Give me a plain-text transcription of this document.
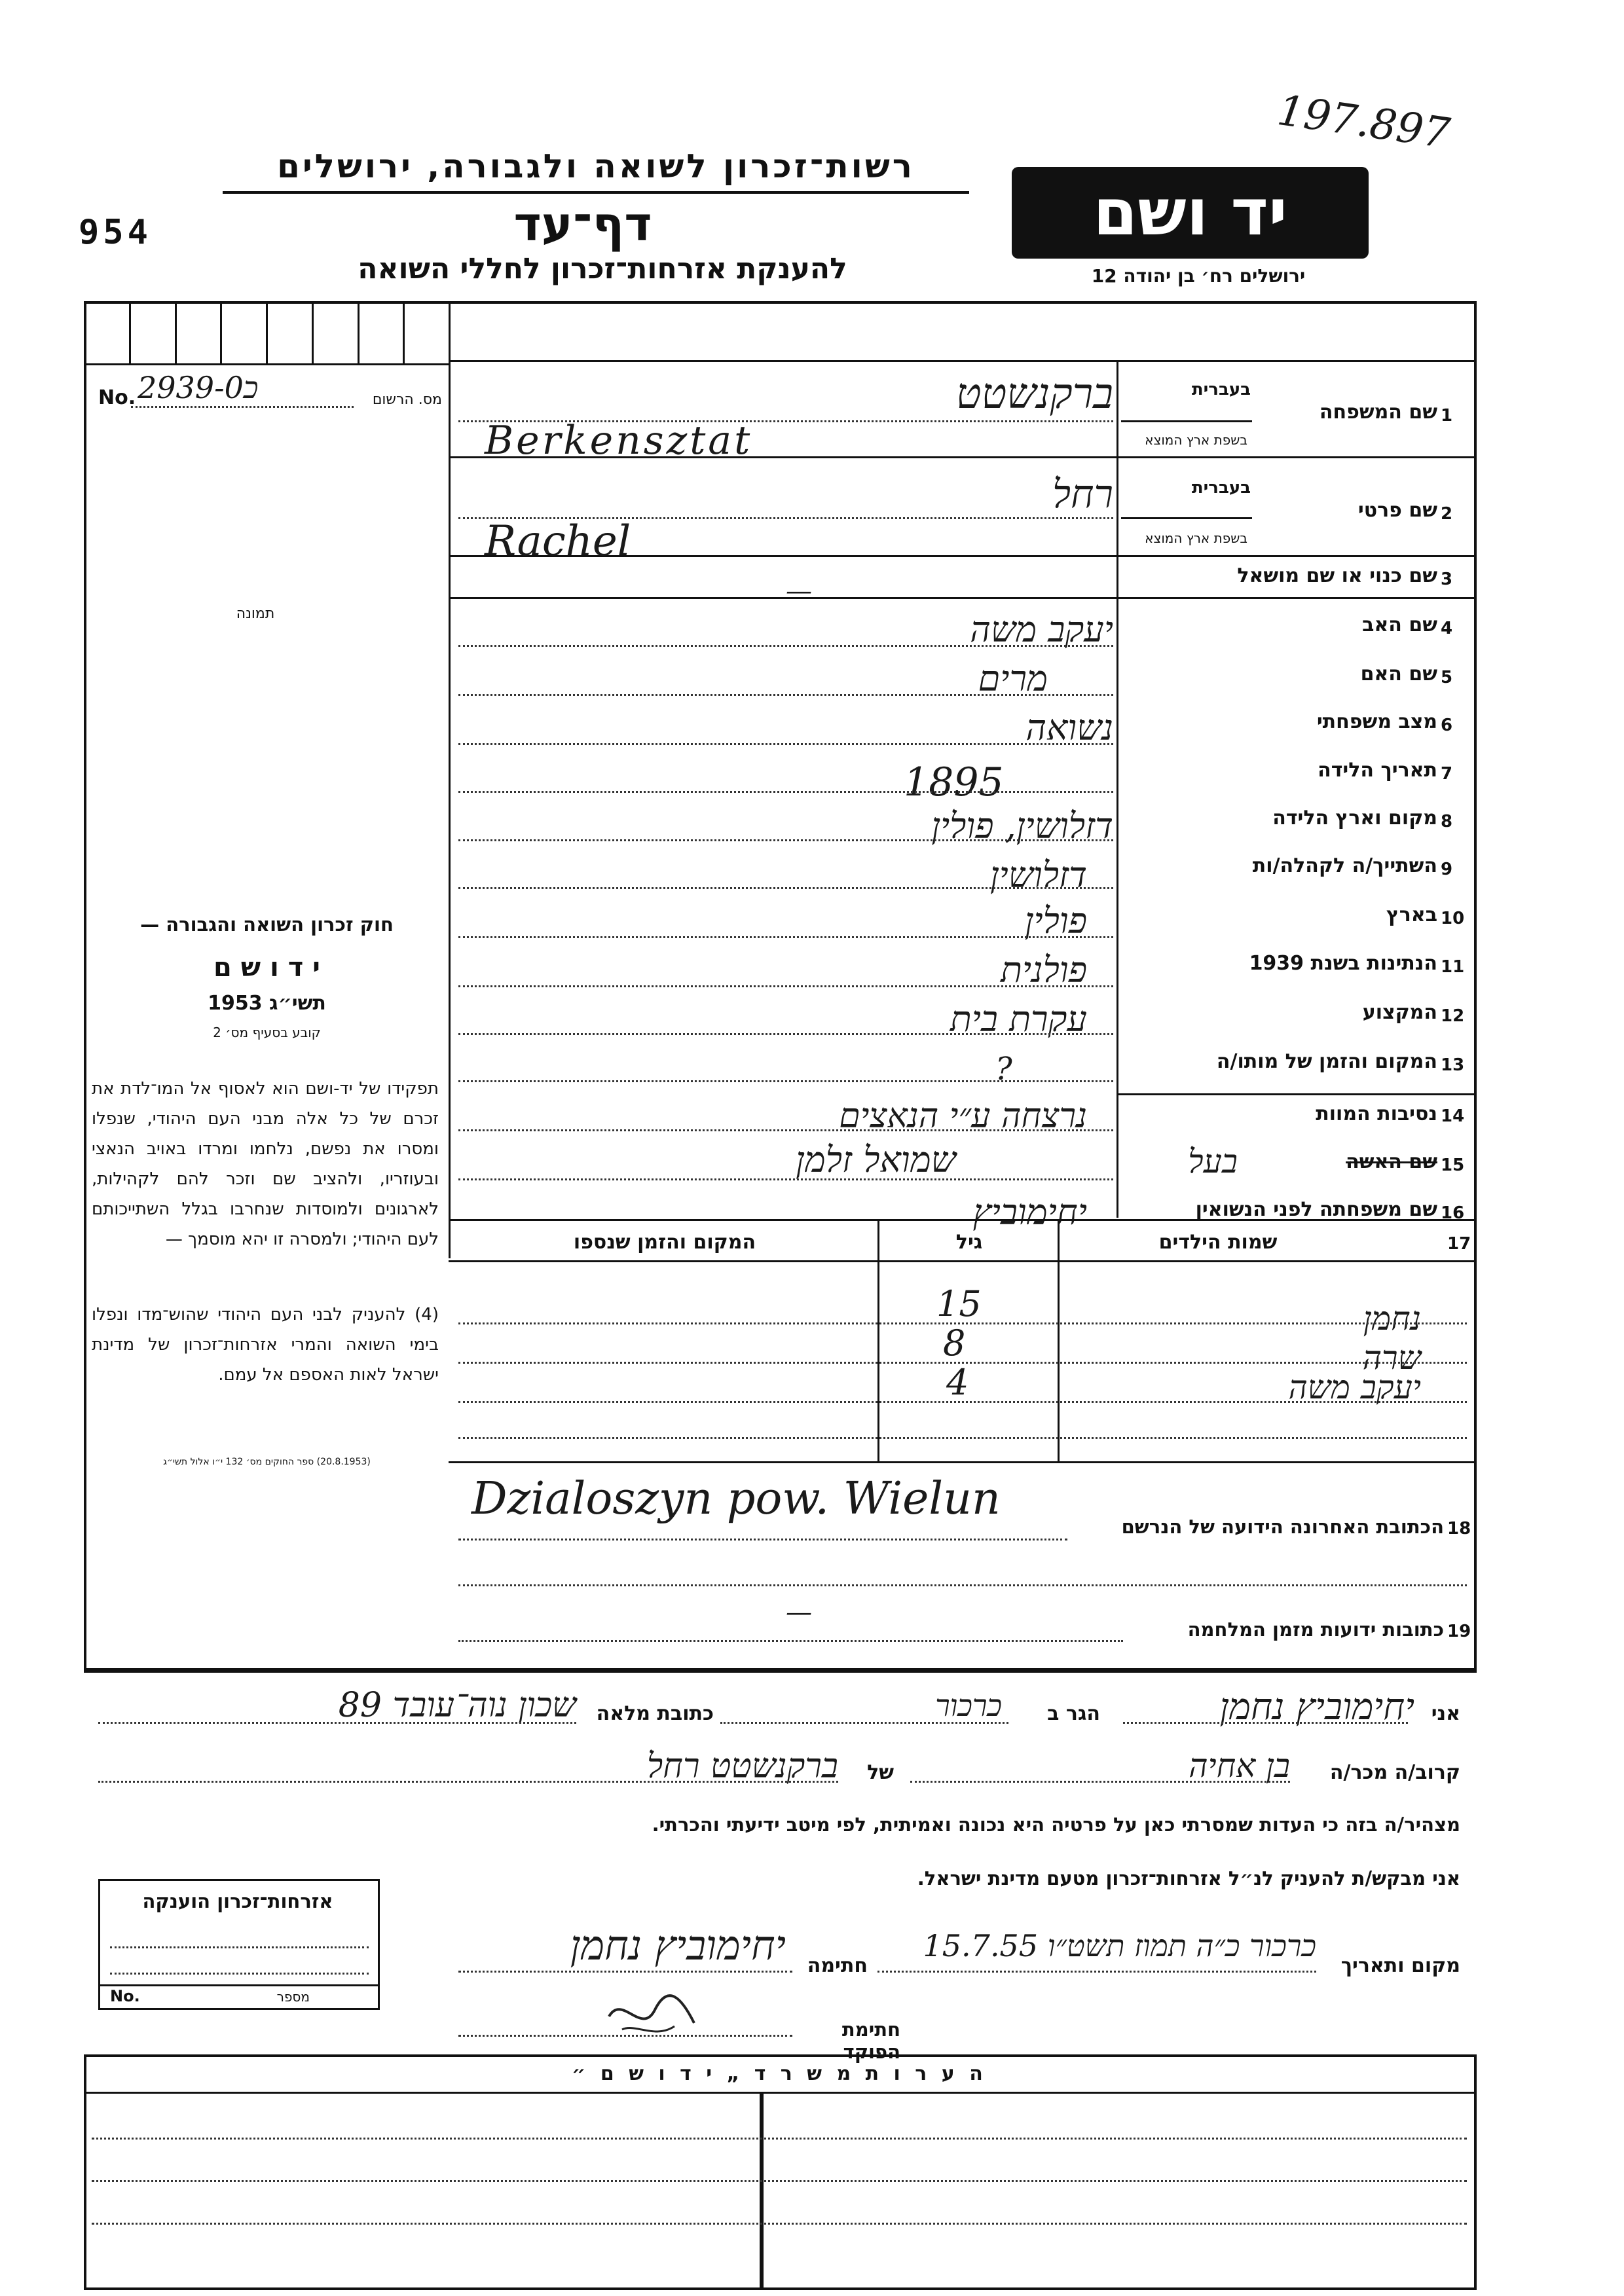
197.897
954
רשות־זכרון לשואה ולגבורה, ירושלים
דף־עד
להענקת אזרחות־זכרון לחללי השואה
יד ושם
ירושלים רח׳ בן יהודה 12
No. 2939-כ0	מס. הרשום
תמונה
חוק זכרון השואה והגבורה —
י ד ו ש ם
תשי״ג 1953
קובע בסעיף מס׳ 2
תפקידו של יד-ושם הוא לאסוף אל המו־לדת את זכרם של כל אלה מבני העם היהודי, שנפלו ומסרו את נפשם, נלחמו ומרדו באויב הנאצי ובעוזריו, ולהציב שם וזכר להם לקהילות, לארגונים ולמוסדות שנחרבו בגלל השתייכותם לעם היהודי; ולמסרה זו יהא מוסמך —
(4) להעניק לבני העם היהודי שהוש־מדו ונפלו בימי השואה והמרי אזרחות־זכרון של מדינת ישראל לאות האספם אל עמם.
(20.8.1953) ספר החוקים מס׳ 132 י״ו אלול תשי״ג
1
שם המשפחה
בעברית
בשפת ארץ המוצא
ברקנשטט
Berkensztat
2
שם פרטי
בעברית
בשפת ארץ המוצא
רחל
Rachel
3
שם כנוי או שם מושאל
—
4
שם האב
יעקב משה
5
שם האם
מרים
6
מצב משפחתי
נשואה
7
תאריך הלידה
1895
8
מקום וארץ הלידה
דזלושין, פולין
9
השתייך/ה לקהלה/ות
דזלושין
10
בארץ
פולין
11
הנתינות בשנת 1939
פולנית
12
המקצוע
עקרת בית
13
המקום והזמן של מותו/ה
?
14
נסיבות המוות
נרצחה ע״י הנאצים
15
שם האשה
בעל
שמואל זלמן
16
שם משפחתה לפני הנשואין
יחימוביץ
17
שמות הילדים
גיל
המקום והזמן שנספו
נחמן
15
שרה
8
יעקב משה
4
Dzialoszyn pow. Wielun
הכתובת האחרונה הידועה של הנרשם 18
כתובות ידועות מזמן המלחמה 19
—
אני
יחימוביץ נחמן
הגר ב
כרכור
כתובת מלאה
שכון נוה־עובד 89
קרוב/ה מכר/ה
בן אחיה
של
ברקנשטט רחל
מצהיר/ה בזה כי העדות שמסרתי כאן על פרטיה היא נכונה ואמיתית, לפי מיטב ידיעתי והכרתי.
אני מבקש/ת להעניק לנ״ל אזרחות־זכרון מטעם מדינת ישראל.
מקום ותאריך
כרכור כ״ה תמוז תשט״ו 15.7.55
חתימה
יחימוביץ נחמן
חתימת הפוקד
אזרחות־זכרון הוענקה
No.	מספר
ה ע ר ו ת מ ש ר ד „ י ד ו ש ם ״
